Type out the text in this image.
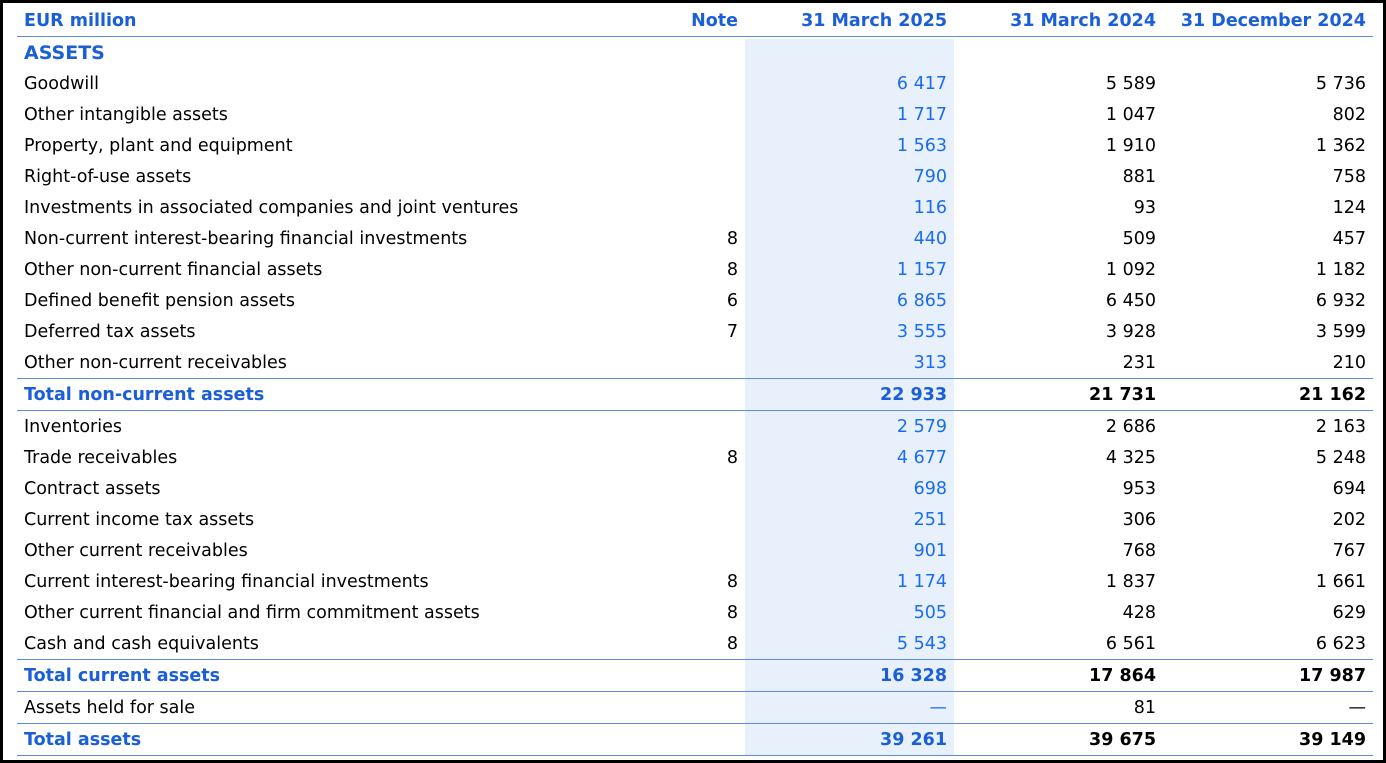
EUR million	Note	31 March 2025	31 March 2024	31 December 2024
ASSETS				
Goodwill		6 417	5 589	5 736
Other intangible assets		1 717	1 047	802
Property, plant and equipment		1 563	1 910	1 362
Right-of-use assets		790	881	758
Investments in associated companies and joint ventures		116	93	124
Non-current interest-bearing financial investments	8	440	509	457
Other non-current financial assets	8	1 157	1 092	1 182
Defined benefit pension assets	6	6 865	6 450	6 932
Deferred tax assets	7	3 555	3 928	3 599
Other non-current receivables		313	231	210
Total non-current assets		22 933	21 731	21 162
Inventories		2 579	2 686	2 163
Trade receivables	8	4 677	4 325	5 248
Contract assets		698	953	694
Current income tax assets		251	306	202
Other current receivables		901	768	767
Current interest-bearing financial investments	8	1 174	1 837	1 661
Other current financial and firm commitment assets	8	505	428	629
Cash and cash equivalents	8	5 543	6 561	6 623
Total current assets		16 328	17 864	17 987
Assets held for sale		—	81	—
Total assets		39 261	39 675	39 149
